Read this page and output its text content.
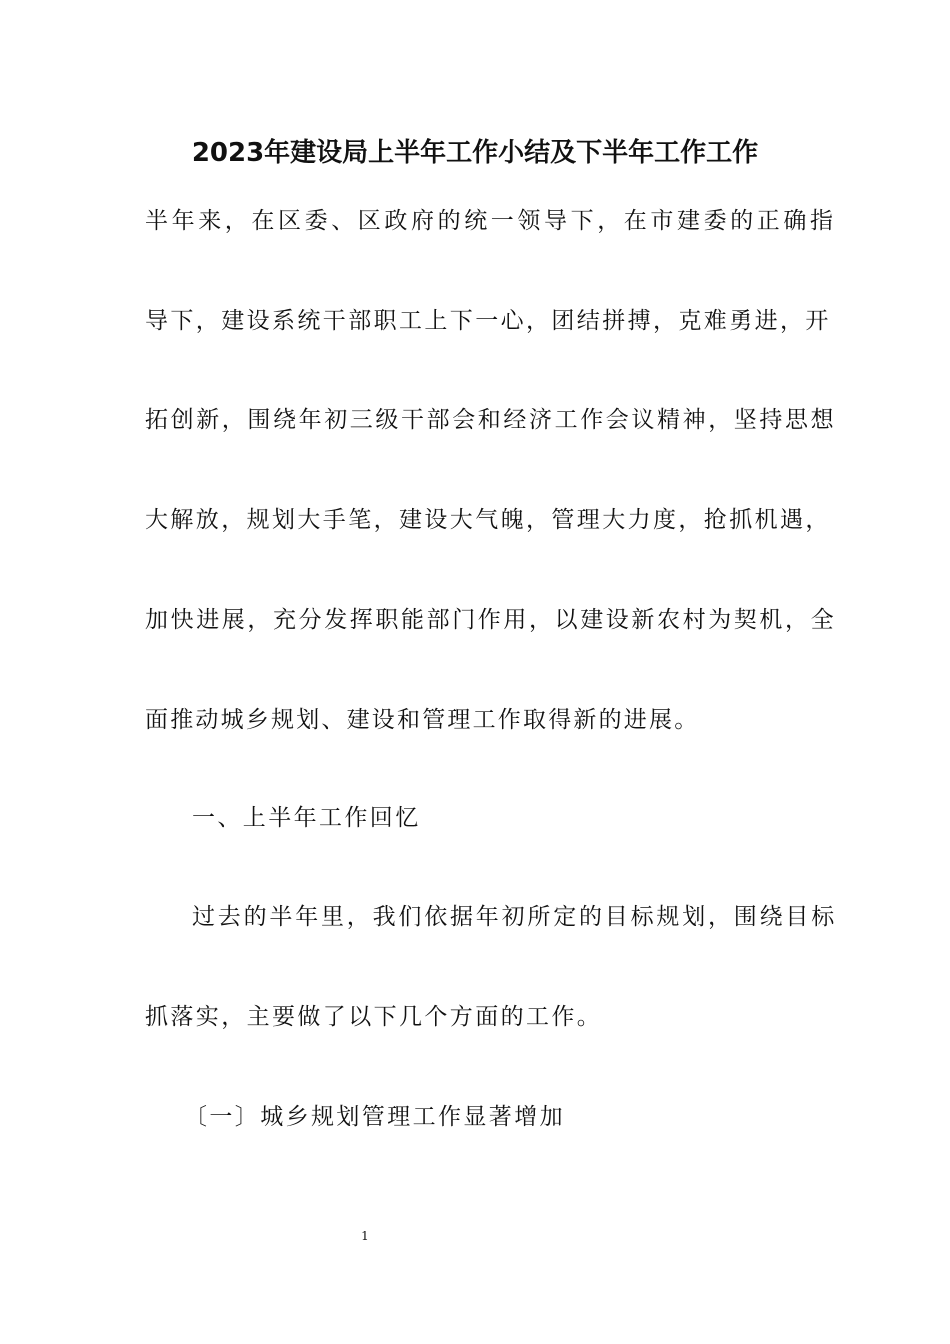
2023年建设局上半年工作小结及下半年工作工作

半年来，在区委、区政府的统一领导下，在市建委的正确指

导下，建设系统干部职工上下一心，团结拼搏，克难勇进，开

拓创新，围绕年初三级干部会和经济工作会议精神，坚持思想

大解放，规划大手笔，建设大气魄，管理大力度，抢抓机遇，

加快进展，充分发挥职能部门作用，以建设新农村为契机，全

面推动城乡规划、建设和管理工作取得新的进展。

一、上半年工作回忆

过去的半年里，我们依据年初所定的目标规划，围绕目标

抓落实，主要做了以下几个方面的工作。

〔一〕城乡规划管理工作显著增加

1
